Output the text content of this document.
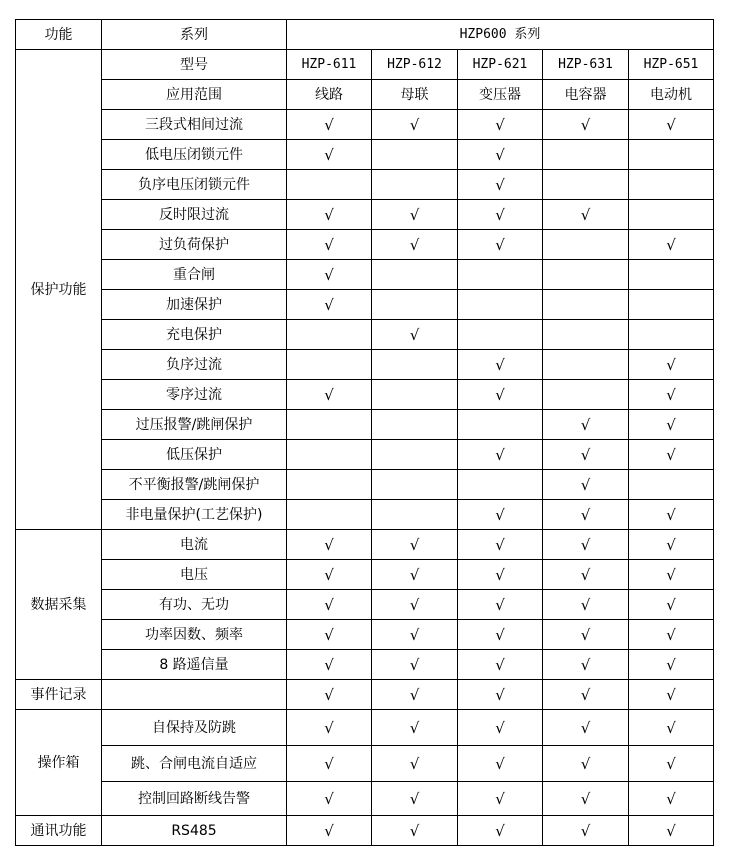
功能	系列	HZP600 系列				
保护功能	型号	HZP-611	HZP-612	HZP-621	HZP-631	HZP-651
	应用范围	线路	母联	变压器	电容器	电动机
	三段式相间过流	√	√	√	√	√
	低电压闭锁元件	√		√		
	负序电压闭锁元件			√		
	反时限过流	√	√	√	√	
	过负荷保护	√	√	√		√
	重合闸	√				
	加速保护	√				
	充电保护		√			
	负序过流			√		√
	零序过流	√		√		√
	过压报警/跳闸保护				√	√
	低压保护			√	√	√
	不平衡报警/跳闸保护				√	
	非电量保护(工艺保护)			√	√	√
数据采集	电流	√	√	√	√	√
	电压	√	√	√	√	√
	有功、无功	√	√	√	√	√
	功率因数、频率	√	√	√	√	√
	8 路遥信量	√	√	√	√	√
事件记录		√	√	√	√	√
操作箱	自保持及防跳	√	√	√	√	√
	跳、合闸电流自适应	√	√	√	√	√
	控制回路断线告警	√	√	√	√	√
通讯功能	RS485	√	√	√	√	√
